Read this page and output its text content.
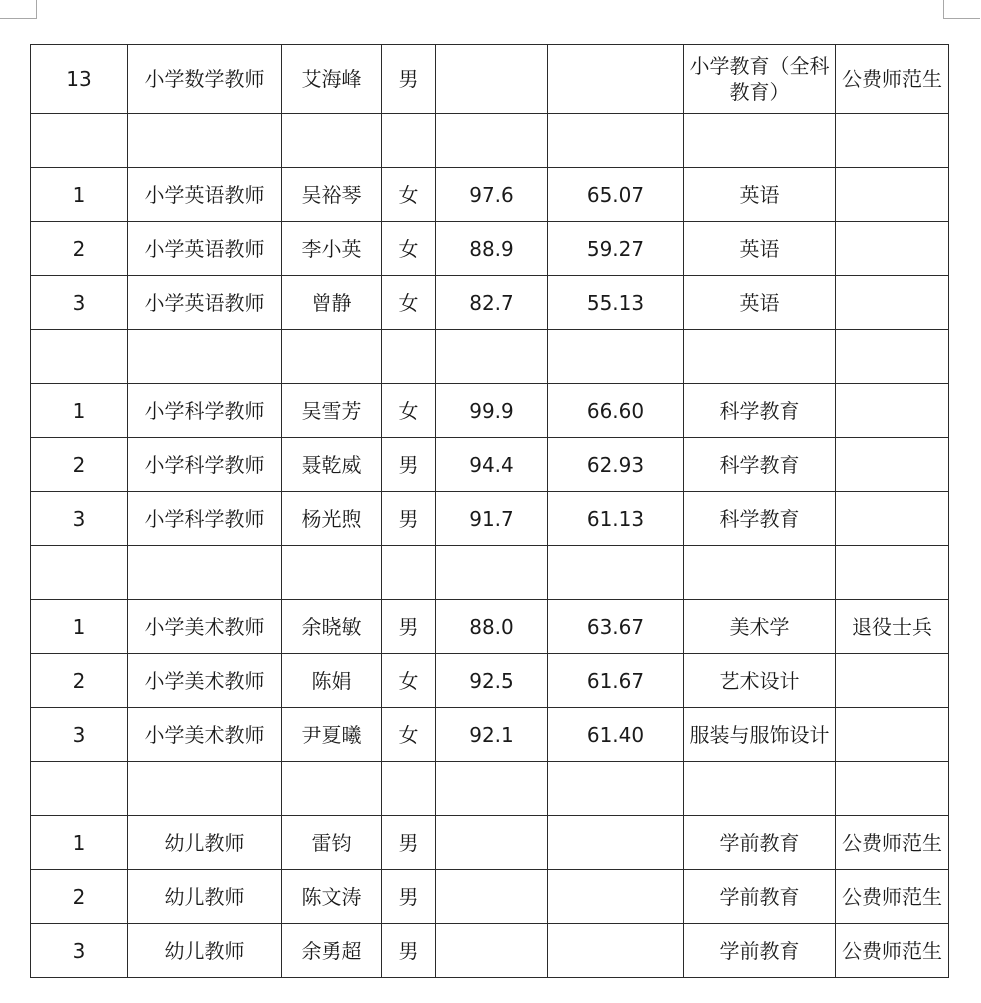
13	小学数学教师	艾海峰	男			小学教育（全科教育）	公费师范生

1	小学英语教师	吴裕琴	女	97.6	65.07	英语	
2	小学英语教师	李小英	女	88.9	59.27	英语	
3	小学英语教师	曾静	女	82.7	55.13	英语	

1	小学科学教师	吴雪芳	女	99.9	66.60	科学教育	
2	小学科学教师	聂乾威	男	94.4	62.93	科学教育	
3	小学科学教师	杨光煦	男	91.7	61.13	科学教育	

1	小学美术教师	余晓敏	男	88.0	63.67	美术学	退役士兵
2	小学美术教师	陈娟	女	92.5	61.67	艺术设计	
3	小学美术教师	尹夏曦	女	92.1	61.40	服装与服饰设计	

1	幼儿教师	雷钧	男			学前教育	公费师范生
2	幼儿教师	陈文涛	男			学前教育	公费师范生
3	幼儿教师	余勇超	男			学前教育	公费师范生
